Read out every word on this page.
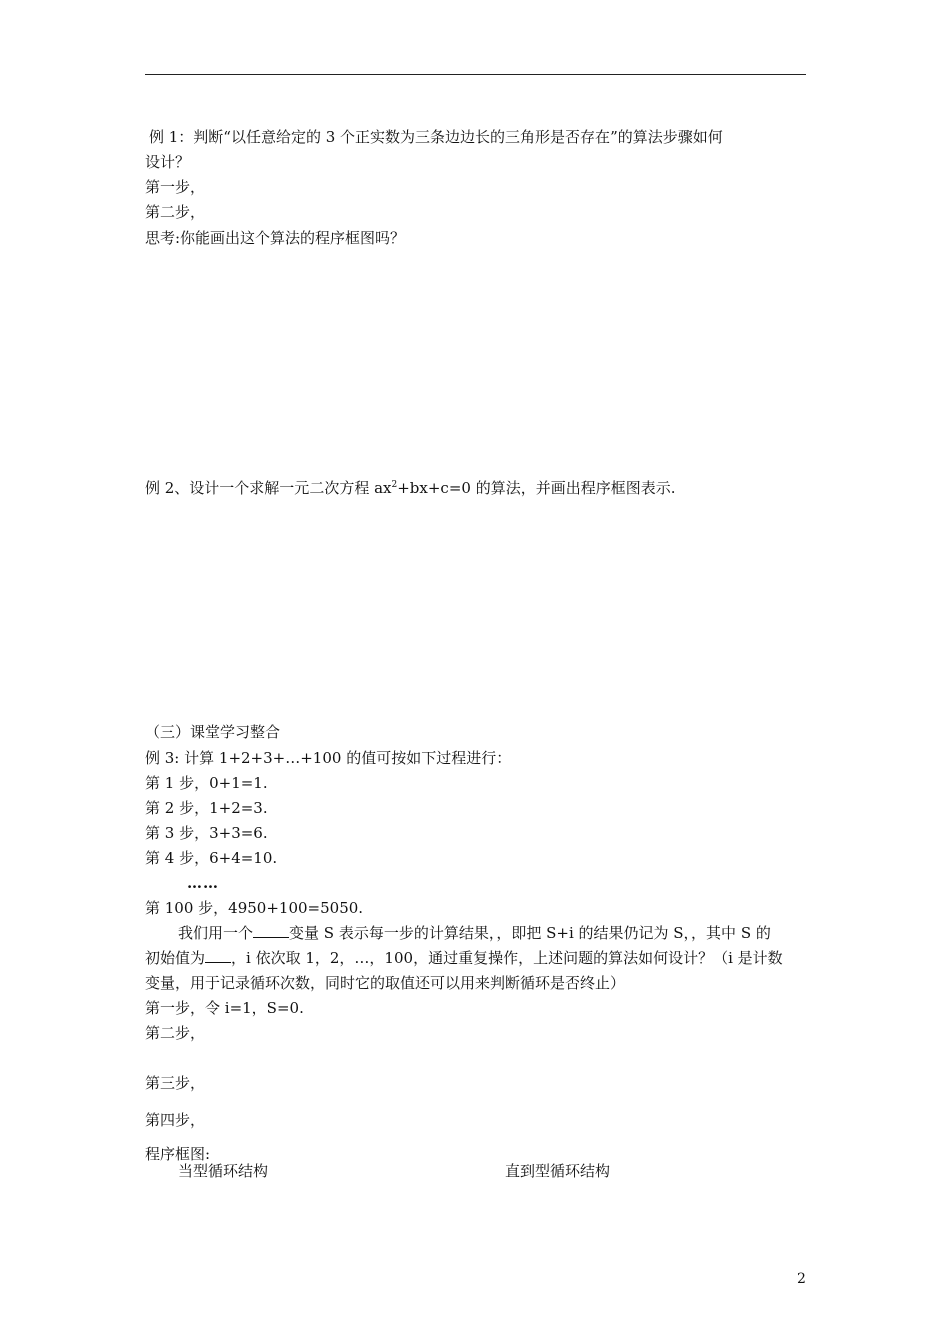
例 1：判断“以任意给定的 3 个正实数为三条边边长的三角形是否存在”的算法步骤如何
设计？
第一步，
第二步，
思考:你能画出这个算法的程序框图吗？
例 2、设计一个求解一元二次方程 $ax^2+bx+c=0$ 的算法，并画出程序框图表示.
（三）课堂学习整合
例 3: 计算 1+2+3+…+100 的值可按如下过程进行：
第 1 步，0+1=1.
第 2 步，1+2=3.
第 3 步，3+3=6.
第 4 步，6+4=10.
……
第 100 步，4950+100=5050.
我们用一个 变量 S 表示每一步的计算结果，，即把 S+i 的结果仍记为 S，，其中 S 的
初始值为 ，i 依次取 1，2，…，100，通过重复操作，上述问题的算法如何设计？（i 是计数
变量，用于记录循环次数，同时它的取值还可以用来判断循环是否终止）
第一步，令 i=1，S=0.
第二步，
第三步，
第四步，
程序框图:
当型循环结构	直到型循环结构
2
